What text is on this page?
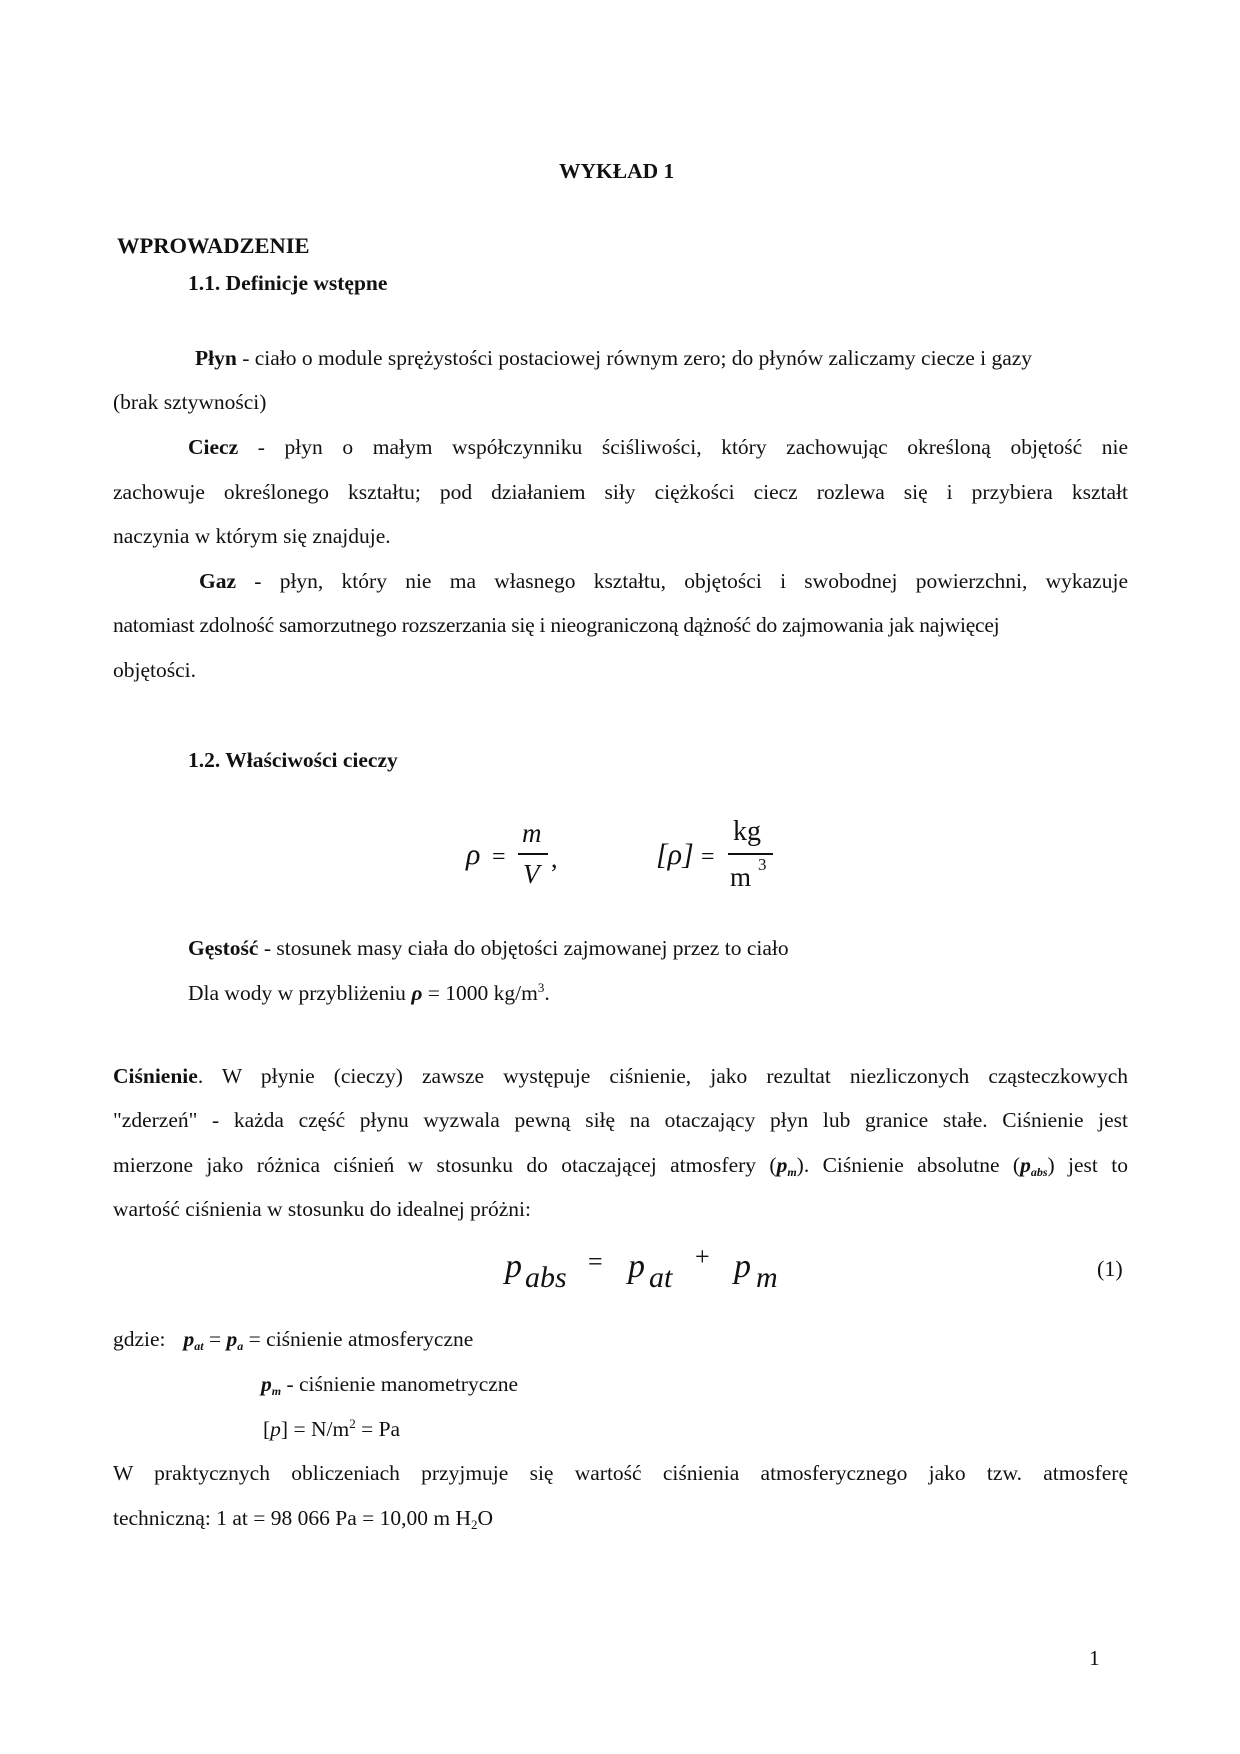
WYKŁAD 1
WPROWADZENIE
1.1. Definicje wstępne
Płyn - ciało o module sprężystości postaciowej równym zero; do płynów zaliczamy ciecze i gazy
(brak sztywności)
Ciecz - płyn o małym współczynniku ściśliwości, który zachowując określoną objętość nie
zachowuje określonego kształtu; pod działaniem siły ciężkości ciecz rozlewa się i przybiera kształt
naczynia w którym się znajduje.
Gaz - płyn, który nie ma własnego kształtu, objętości i swobodnej powierzchni, wykazuje
natomiast zdolność samorzutnego rozszerzania się i nieograniczoną dążność do zajmowania jak najwięcej
objętości.
1.2. Właściwości cieczy
ρ =
m
V
,	[ρ] =
kg
m 3
Gęstość - stosunek masy ciała do objętości zajmowanej przez to ciało
Dla wody w przybliżeniu ρ = 1000 $kg/m^3$.
Ciśnienie. W płynie (cieczy) zawsze występuje ciśnienie, jako rezultat niezliczonych cząsteczkowych
"zderzeń" - każda część płynu wyzwala pewną siłę na otaczający płyn lub granice stałe. Ciśnienie jest
mierzone jako różnica ciśnień w stosunku do otaczającej atmosfery $(p_m)$. Ciśnienie absolutne $(p_{abs})$ jest to
wartość ciśnienia w stosunku do idealnej próżni:
p abs = p at
+ p m	(1)
gdzie: $p_{at} = p_a$ = ciśnienie atmosferyczne
$p_m$ - ciśnienie manometryczne
$[p] = N/m^2 = Pa$
W praktycznych obliczeniach przyjmuje się wartość ciśnienia atmosferycznego jako tzw. atmosferę
techniczną: 1 at = 98 066 Pa = 10,00 m H2O
1
